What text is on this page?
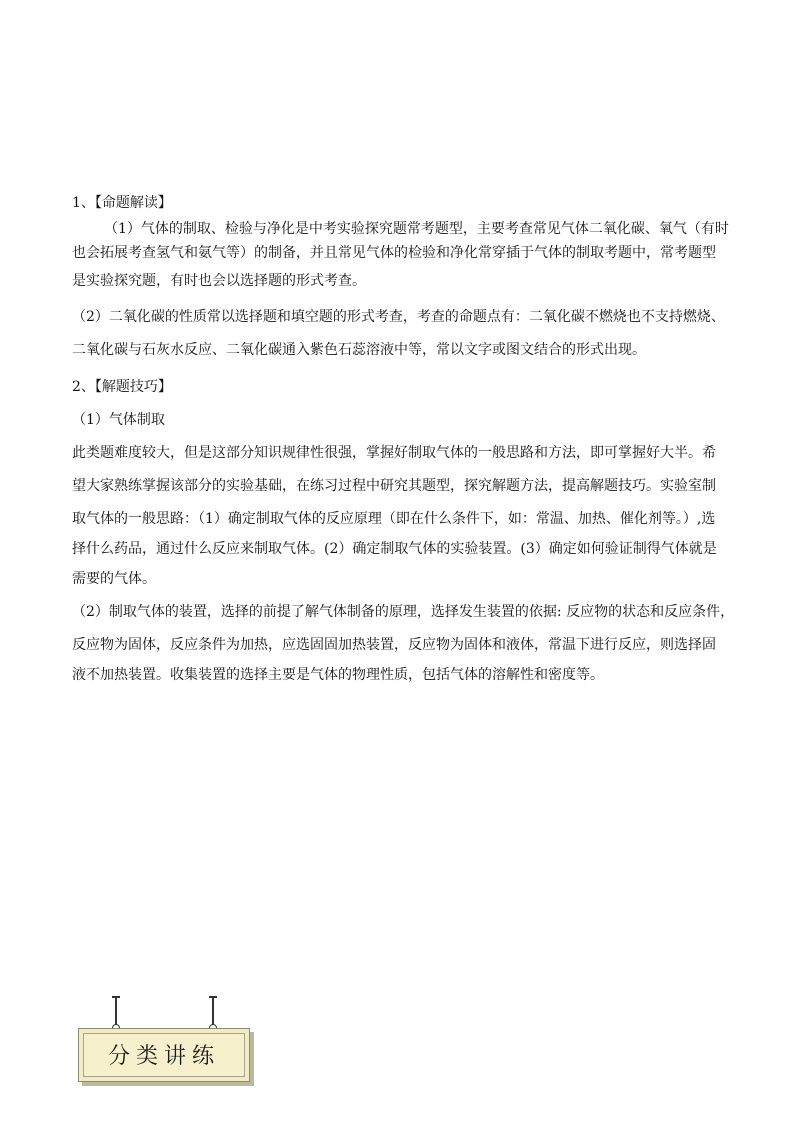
1、【命题解读】
（1）气体的制取、检验与净化是中考实验探究题常考题型，主要考查常见气体二氧化碳、氧气（有时
也会拓展考查氢气和氨气等）的制备，并且常见气体的检验和净化常穿插于气体的制取考题中，常考题型
是实验探究题，有时也会以选择题的形式考查。
（2）二氧化碳的性质常以选择题和填空题的形式考查，考查的命题点有：二氧化碳不燃烧也不支持燃烧、
二氧化碳与石灰水反应、二氧化碳通入紫色石蕊溶液中等，常以文字或图文结合的形式出现。
2、【解题技巧】
（1）气体制取
此类题难度较大，但是这部分知识规律性很强，掌握好制取气体的一般思路和方法，即可掌握好大半。希
望大家熟练掌握该部分的实验基础，在练习过程中研究其题型，探究解题方法，提高解题技巧。实验室制
取气体的一般思路：（1）确定制取气体的反应原理（即在什么条件下，如：常温、加热、催化剂等。）,选
择什么药品，通过什么反应来制取气体。(2）确定制取气体的实验装置。(3）确定如何验证制得气体就是
需要的气体。
（2）制取气体的装置，选择的前提了解气体制备的原理，选择发生装置的依据: 反应物的状态和反应条件，
反应物为固体，反应条件为加热，应选固固加热装置，反应物为固体和液体，常温下进行反应，则选择固
液不加热装置。收集装置的选择主要是气体的物理性质，包括气体的溶解性和密度等。
分类讲练
